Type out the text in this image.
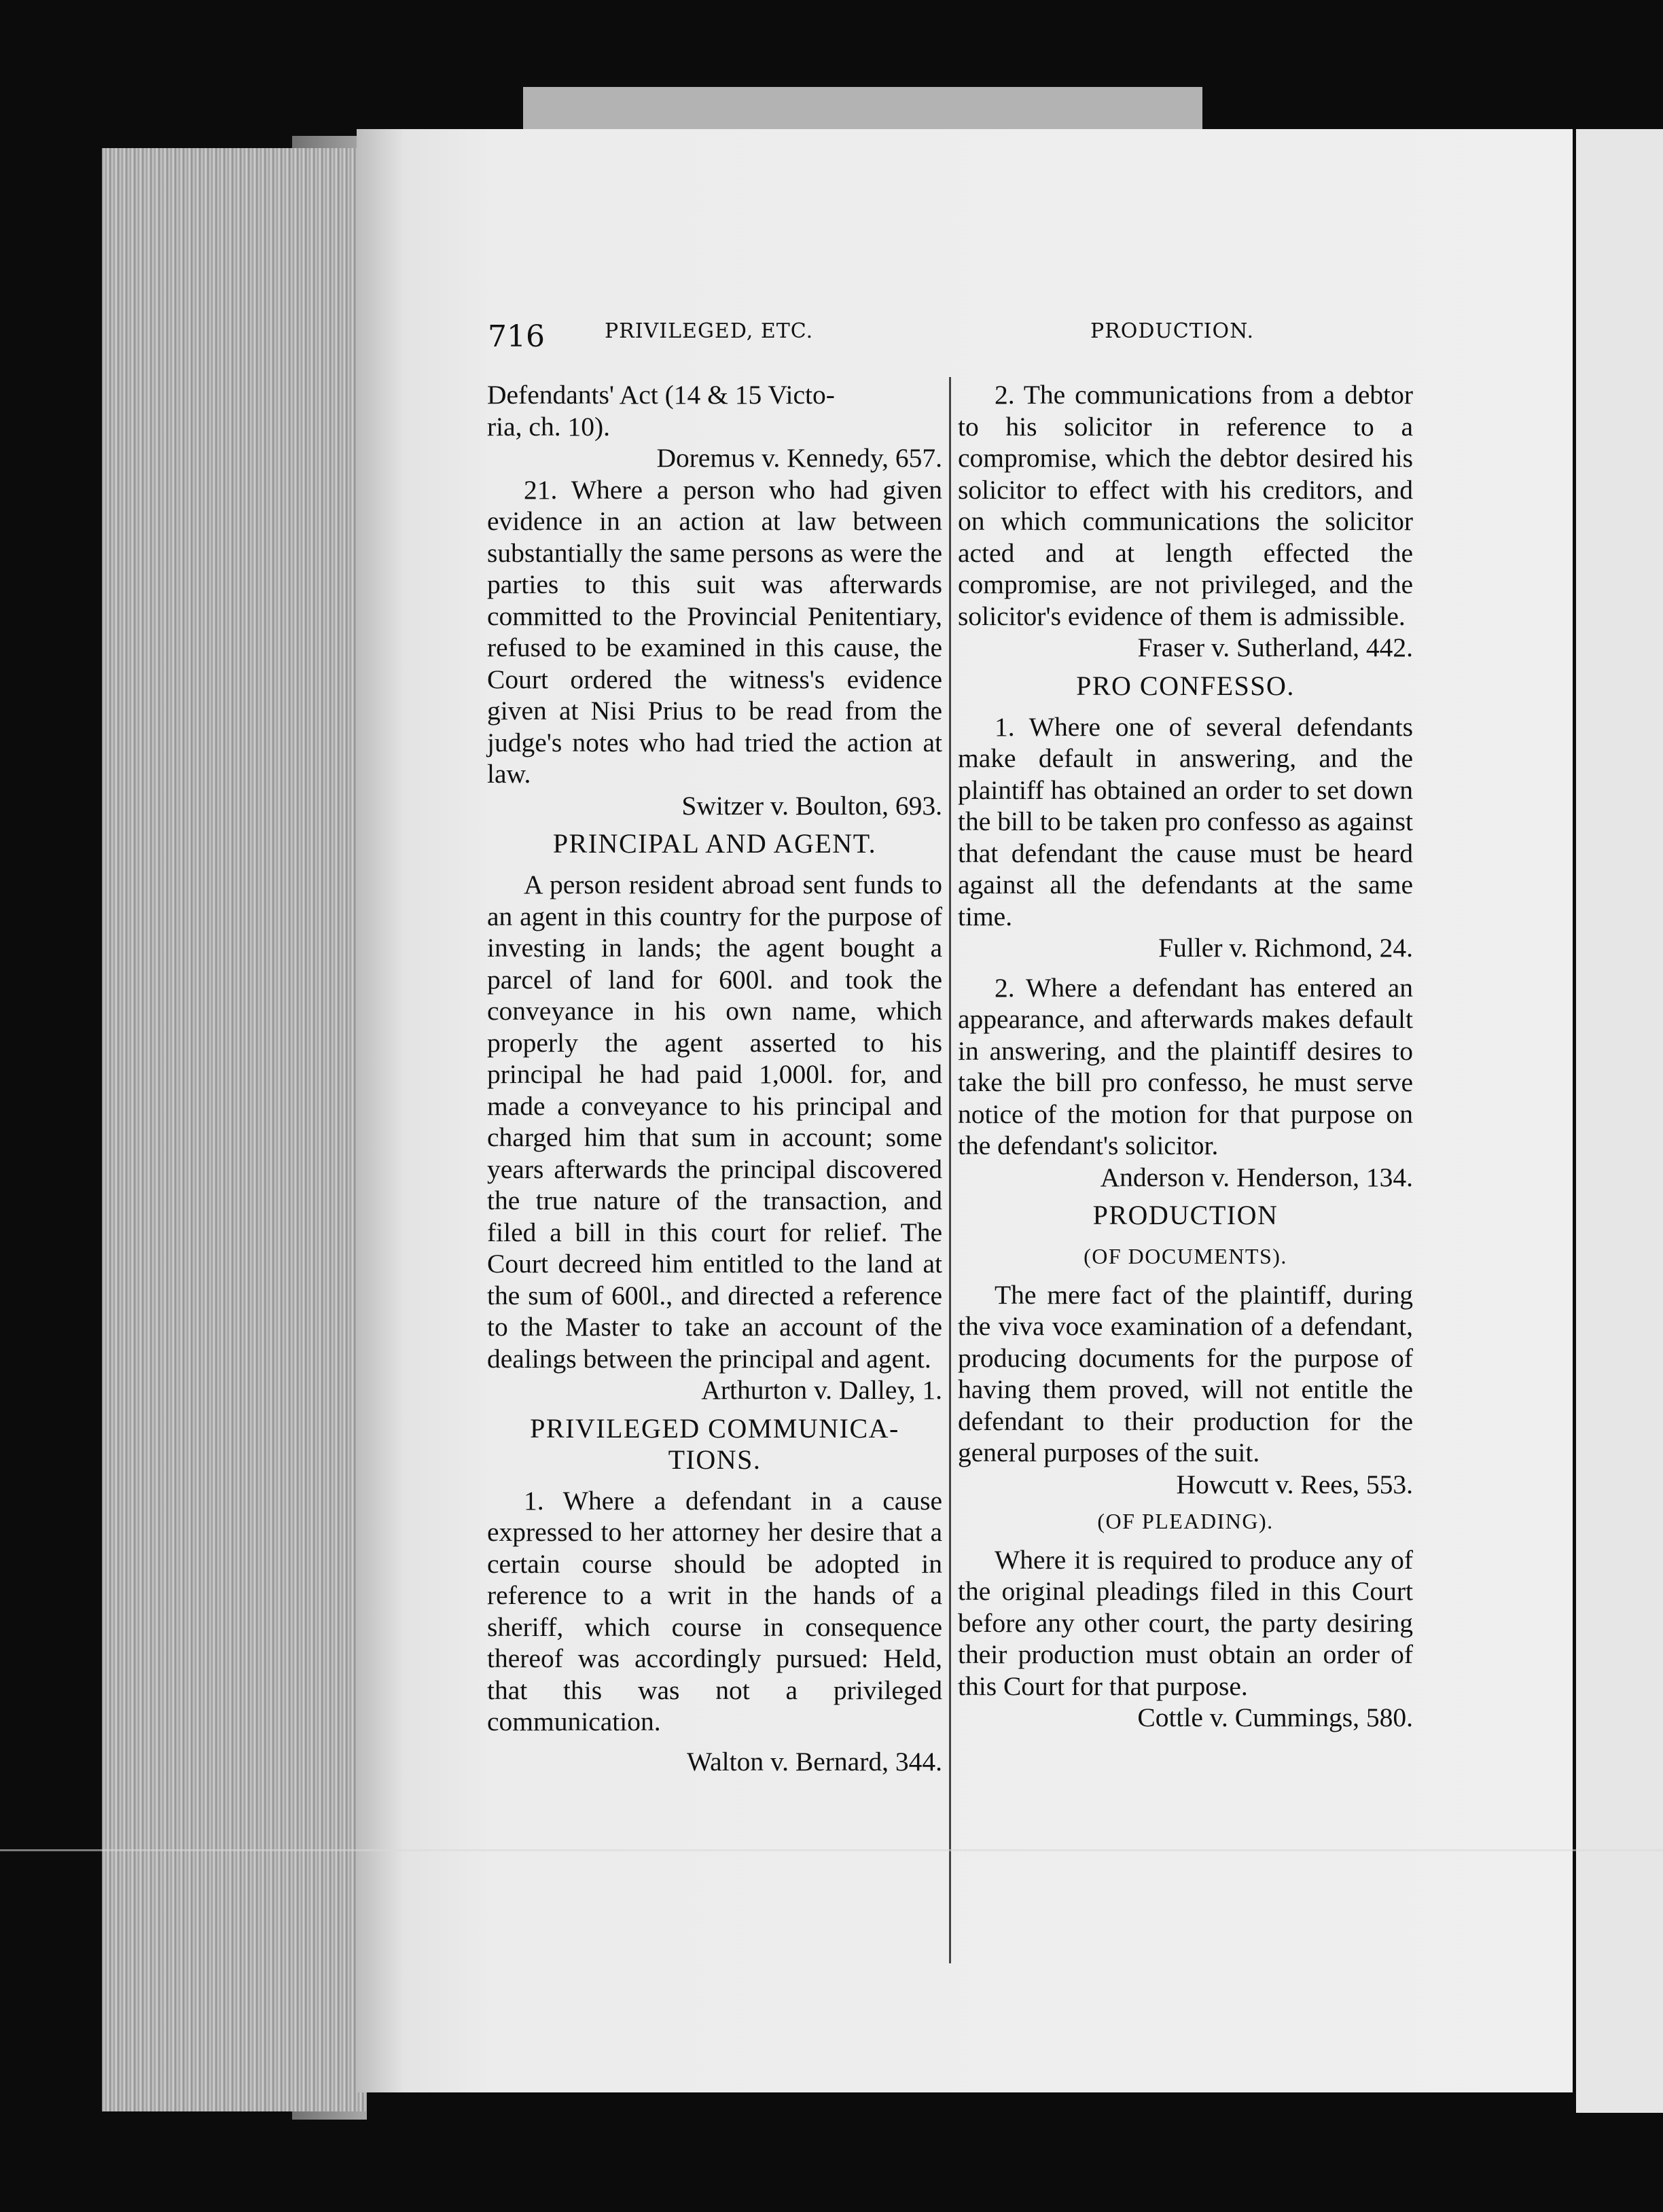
716	PRIVILEGED, ETC.	PRODUCTION.

Defendants' Act (14 & 15 Victo-

ria, ch. 10).

Doremus v. Kennedy, 657.

21. Where a person who had given evidence in an action at law between substantially the same persons as were the parties to this suit was afterwards committed to the Provincial Penitentiary, refused to be examined in this cause, the Court ordered the witness's evidence given at Nisi Prius to be read from the judge's notes who had tried the action at law.

Switzer v. Boulton, 693.

PRINCIPAL AND AGENT.

A person resident abroad sent funds to an agent in this country for the purpose of investing in lands; the agent bought a parcel of land for 600l. and took the conveyance in his own name, which properly the agent asserted to his principal he had paid 1,000l. for, and made a conveyance to his principal and charged him that sum in account; some years afterwards the principal discovered the true nature of the transaction, and filed a bill in this court for relief. The Court decreed him entitled to the land at the sum of 600l., and directed a reference to the Master to take an account of the dealings between the principal and agent.

Arthurton v. Dalley, 1.

PRIVILEGED COMMUNICA-
TIONS.

1. Where a defendant in a cause expressed to her attorney her desire that a certain course should be adopted in reference to a writ in the hands of a sheriff, which course in consequence thereof was accordingly pursued: Held, that this was not a privileged communication.

Walton v. Bernard, 344.

2. The communications from a debtor to his solicitor in reference to a compromise, which the debtor desired his solicitor to effect with his creditors, and on which communications the solicitor acted and at length effected the compromise, are not privileged, and the solicitor's evidence of them is admissible.

Fraser v. Sutherland, 442.

PRO CONFESSO.

1. Where one of several defendants make default in answering, and the plaintiff has obtained an order to set down the bill to be taken pro confesso as against that defendant the cause must be heard against all the defendants at the same time.

Fuller v. Richmond, 24.

2. Where a defendant has entered an appearance, and afterwards makes default in answering, and the plaintiff desires to take the bill pro confesso, he must serve notice of the motion for that purpose on the defendant's solicitor.

Anderson v. Henderson, 134.

PRODUCTION
(OF DOCUMENTS).

The mere fact of the plaintiff, during the viva voce examination of a defendant, producing documents for the purpose of having them proved, will not entitle the defendant to their production for the general purposes of the suit.

Howcutt v. Rees, 553.

(OF PLEADING).

Where it is required to produce any of the original pleadings filed in this Court before any other court, the party desiring their production must obtain an order of this Court for that purpose.

Cottle v. Cummings, 580.
